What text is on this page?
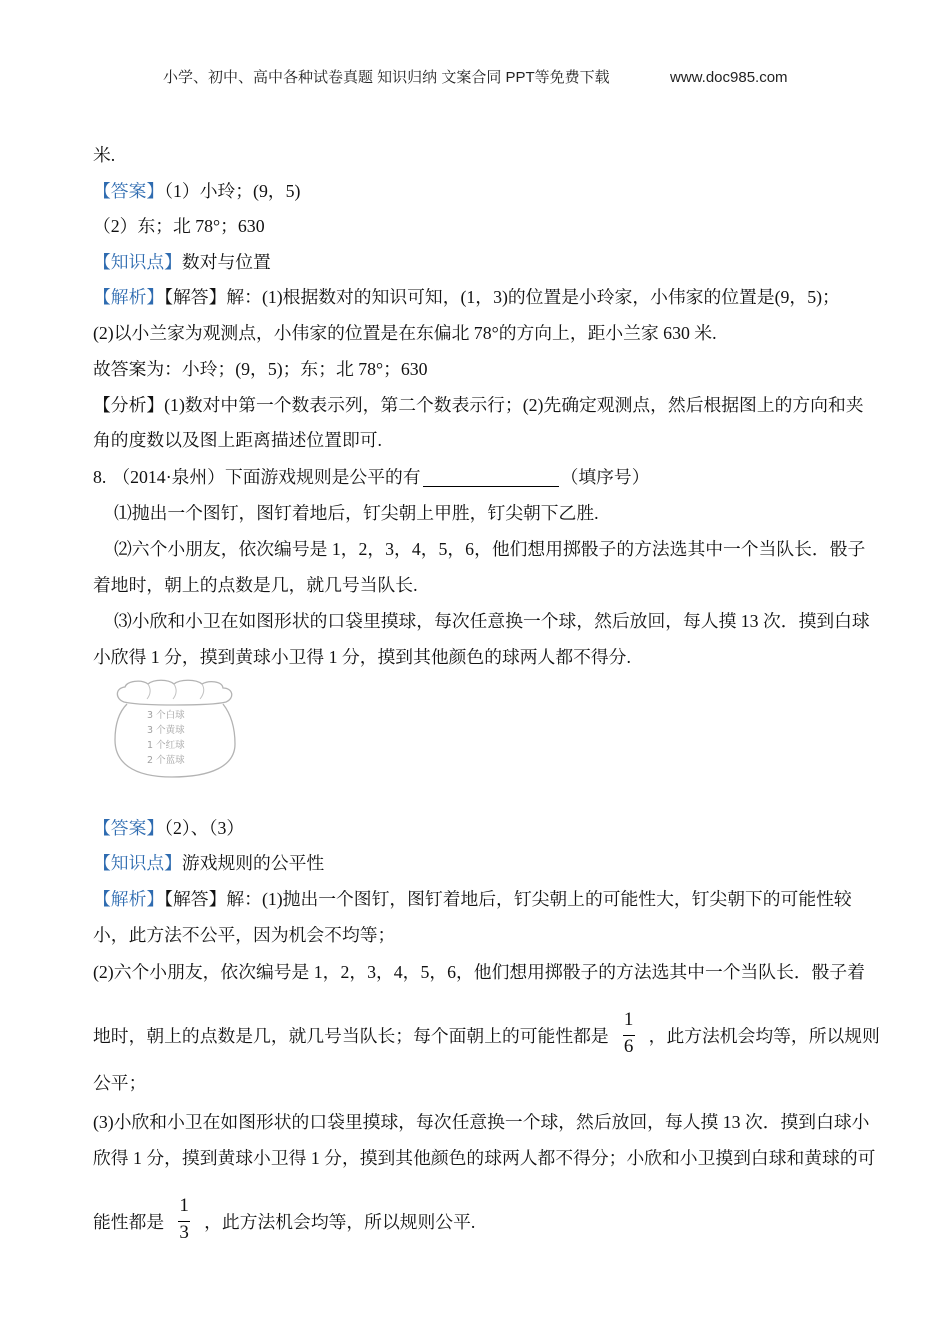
小学、初中、高中各种试卷真题 知识归纳 文案合同 PPT等免费下载	www.doc985.com
米.
【答案】（1）小玲；(9，5)
（2）东；北 78°；630
【知识点】数对与位置
【解析】【解答】解：(1)根据数对的知识可知，(1，3)的位置是小玲家，小伟家的位置是(9，5)；
(2)以小兰家为观测点，小伟家的位置是在东偏北 78°的方向上，距小兰家 630 米.
故答案为：小玲；(9，5)；东；北 78°；630
【分析】(1)数对中第一个数表示列，第二个数表示行；(2)先确定观测点，然后根据图上的方向和夹
角的度数以及图上距离描述位置即可.
8. （2014·泉州）下面游戏规则是公平的有	（填序号）
⑴抛出一个图钉，图钉着地后，钉尖朝上甲胜，钉尖朝下乙胜.
⑵六个小朋友，依次编号是 1，2，3，4，5，6，他们想用掷骰子的方法选其中一个当队长．骰子
着地时，朝上的点数是几，就几号当队长.
⑶小欣和小卫在如图形状的口袋里摸球，每次任意换一个球，然后放回，每人摸 13 次．摸到白球
小欣得 1 分，摸到黄球小卫得 1 分，摸到其他颜色的球两人都不得分.
3 个白球
3 个黄球
1 个红球
2 个蓝球
【答案】（2）、（3）
【知识点】游戏规则的公平性
【解析】【解答】解：(1)抛出一个图钉，图钉着地后，钉尖朝上的可能性大，钉尖朝下的可能性较
小，此方法不公平，因为机会不均等；
(2)六个小朋友，依次编号是 1，2，3，4，5，6，他们想用掷骰子的方法选其中一个当队长．骰子着
地时，朝上的点数是几，就几号当队长；每个面朝上的可能性都是 $\frac{1}{6}$ ，此方法机会均等，所以规则
公平；
(3)小欣和小卫在如图形状的口袋里摸球，每次任意换一个球，然后放回，每人摸 13 次．摸到白球小
欣得 1 分，摸到黄球小卫得 1 分，摸到其他颜色的球两人都不得分；小欣和小卫摸到白球和黄球的可
能性都是 $\frac{1}{3}$ ，此方法机会均等，所以规则公平.
